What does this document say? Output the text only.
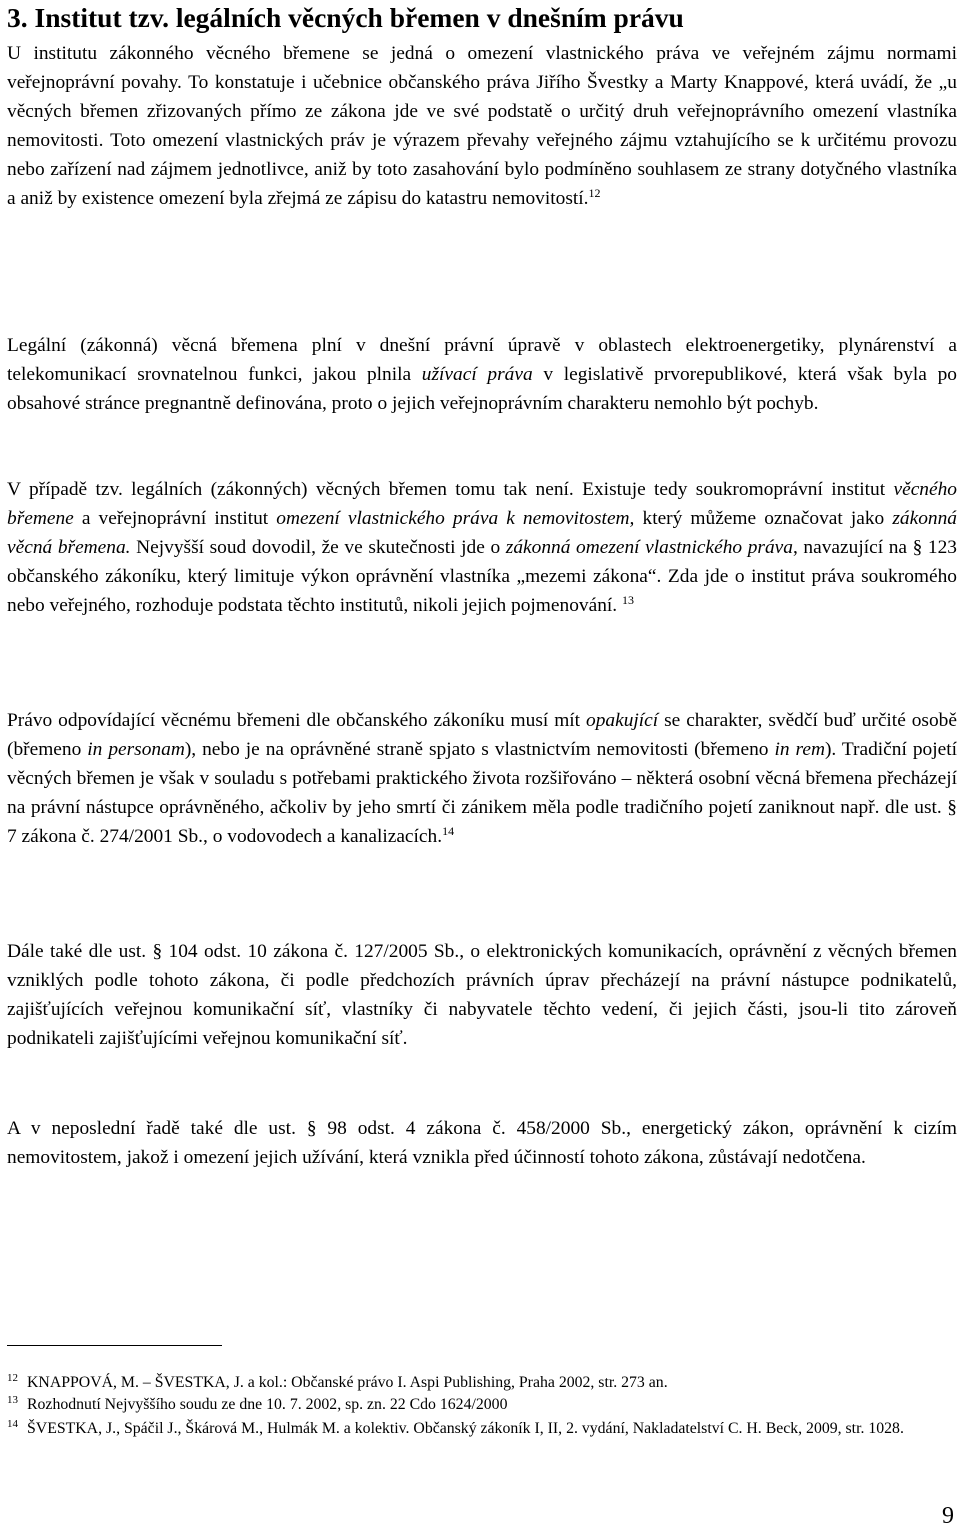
3. Institut tzv. legálních věcných břemen v dnešním právu

U institutu zákonného věcného břemene se jedná o omezení vlastnického práva ve veřejném zájmu normami veřejnoprávní povahy. To konstatuje i učebnice občanského práva Jiřího Švestky a Marty Knappové, která uvádí, že „u věcných břemen zřizovaných přímo ze zákona jde ve své podstatě o určitý druh veřejnoprávního omezení vlastníka nemovitosti. Toto omezení vlastnických práv je výrazem převahy veřejného zájmu vztahujícího se k určitému provozu nebo zařízení nad zájmem jednotlivce, aniž by toto zasahování bylo podmíněno souhlasem ze strany dotyčného vlastníka a aniž by existence omezení byla zřejmá ze zápisu do katastru nemovitostí.$^{12}$

Legální (zákonná) věcná břemena plní v dnešní právní úpravě v oblastech elektroenergetiky, plynárenství a telekomunikací srovnatelnou funkci, jakou plnila užívací práva v legislativě prvorepublikové, která však byla po obsahové stránce pregnantně definována, proto o jejich veřejnoprávním charakteru nemohlo být pochyb.

V případě tzv. legálních (zákonných) věcných břemen tomu tak není. Existuje tedy soukromoprávní institut věcného břemene a veřejnoprávní institut omezení vlastnického práva k nemovitostem, který můžeme označovat jako zákonná věcná břemena. Nejvyšší soud dovodil, že ve skutečnosti jde o zákonná omezení vlastnického práva, navazující na § 123 občanského zákoníku, který limituje výkon oprávnění vlastníka „mezemi zákona“. Zda jde o institut práva soukromého nebo veřejného, rozhoduje podstata těchto institutů, nikoli jejich pojmenování. $^{13}$

Právo odpovídající věcnému břemeni dle občanského zákoníku musí mít opakující se charakter, svědčí buď určité osobě (břemeno in personam), nebo je na oprávněné straně spjato s vlastnictvím nemovitosti (břemeno in rem). Tradiční pojetí věcných břemen je však v souladu s potřebami praktického života rozšiřováno – některá osobní věcná břemena přecházejí na právní nástupce oprávněného, ačkoliv by jeho smrtí či zánikem měla podle tradičního pojetí zaniknout např. dle ust. § 7 zákona č. 274/2001 Sb., o vodovodech a kanalizacích.$^{14}$

Dále také dle ust. § 104 odst. 10 zákona č. 127/2005 Sb., o elektronických komunikacích, oprávnění z věcných břemen vzniklých podle tohoto zákona, či podle předchozích právních úprav přecházejí na právní nástupce podnikatelů, zajišťujících veřejnou komunikační síť, vlastníky či nabyvatele těchto vedení, či jejich části, jsou-li tito zároveň podnikateli zajišťujícími veřejnou komunikační síť.

A v neposlední řadě také dle ust. § 98 odst. 4 zákona č. 458/2000 Sb., energetický zákon, oprávnění k cizím nemovitostem, jakož i omezení jejich užívání, která vznikla před účinností tohoto zákona, zůstávají nedotčena.

12 KNAPPOVÁ, M. – ŠVESTKA, J. a kol.: Občanské právo I. Aspi Publishing, Praha 2002, str. 273 an.
13 Rozhodnutí Nejvyššího soudu ze dne 10. 7. 2002, sp. zn. 22 Cdo 1624/2000
14 ŠVESTKA, J., Spáčil J., Škárová M., Hulmák M. a kolektiv. Občanský zákoník I, II, 2. vydání, Nakladatelství C. H. Beck, 2009, str. 1028.
9
